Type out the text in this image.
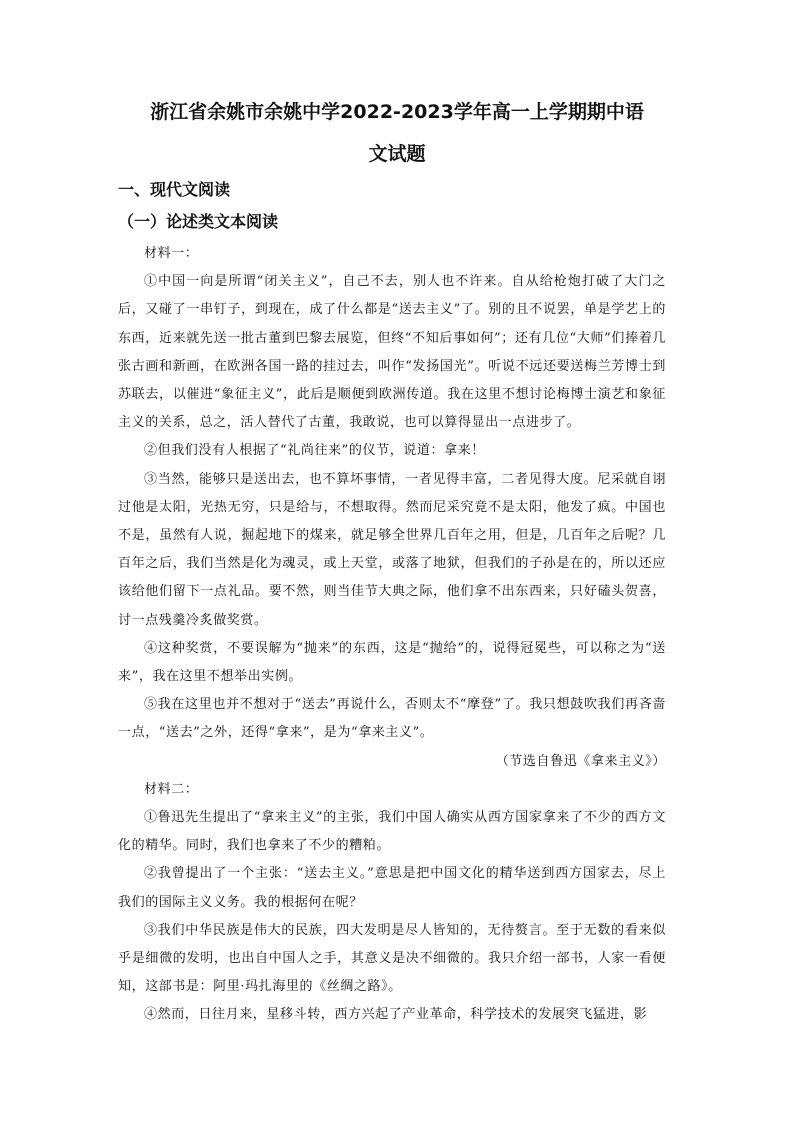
浙江省余姚市余姚中学2022-2023学年高一上学期期中语
文试题
一、现代文阅读
（一）论述类文本阅读

材料一：

①中国一向是所谓“闭关主义”，自己不去，别人也不许来。自从给枪炮打破了大门之后，又碰了一串钉子，到现在，成了什么都是“送去主义”了。别的且不说罢，单是学艺上的东西，近来就先送一批古董到巴黎去展览，但终“不知后事如何”；还有几位“大师”们捧着几张古画和新画，在欧洲各国一路的挂过去，叫作“发扬国光”。听说不远还要送梅兰芳博士到苏联去，以催进“象征主义”，此后是顺便到欧洲传道。我在这里不想讨论梅博士演艺和象征主义的关系，总之，活人替代了古董，我敢说，也可以算得显出一点进步了。

②但我们没有人根据了“礼尚往来”的仪节，说道：拿来！

③当然，能够只是送出去，也不算坏事情，一者见得丰富，二者见得大度。尼采就自诩过他是太阳，光热无穷，只是给与，不想取得。然而尼采究竟不是太阳，他发了疯。中国也不是，虽然有人说，掘起地下的煤来，就足够全世界几百年之用，但是，几百年之后呢？几百年之后，我们当然是化为魂灵，或上天堂，或落了地狱，但我们的子孙是在的，所以还应该给他们留下一点礼品。要不然，则当佳节大典之际，他们拿不出东西来，只好磕头贺喜，讨一点残羹冷炙做奖赏。

④这种奖赏，不要误解为“抛来”的东西，这是“抛给”的，说得冠冕些，可以称之为“送来”，我在这里不想举出实例。

⑤我在这里也并不想对于“送去”再说什么，否则太不“摩登”了。我只想鼓吹我们再吝啬一点，“送去”之外，还得“拿来”，是为“拿来主义”。

（节选自鲁迅《拿来主义》）

材料二：

①鲁迅先生提出了“拿来主义”的主张，我们中国人确实从西方国家拿来了不少的西方文化的精华。同时，我们也拿来了不少的糟粕。

②我曾提出了一个主张：“送去主义。”意思是把中国文化的精华送到西方国家去，尽上我们的国际主义义务。我的根据何在呢？

③我们中华民族是伟大的民族，四大发明是尽人皆知的，无待赘言。至于无数的看来似乎是细微的发明，也出自中国人之手，其意义是决不细微的。我只介绍一部书，人家一看便知，这部书是：阿里·玛扎海里的《丝绸之路》。

④然而，日往月来，星移斗转，西方兴起了产业革命，科学技术的发展突飞猛进，影
